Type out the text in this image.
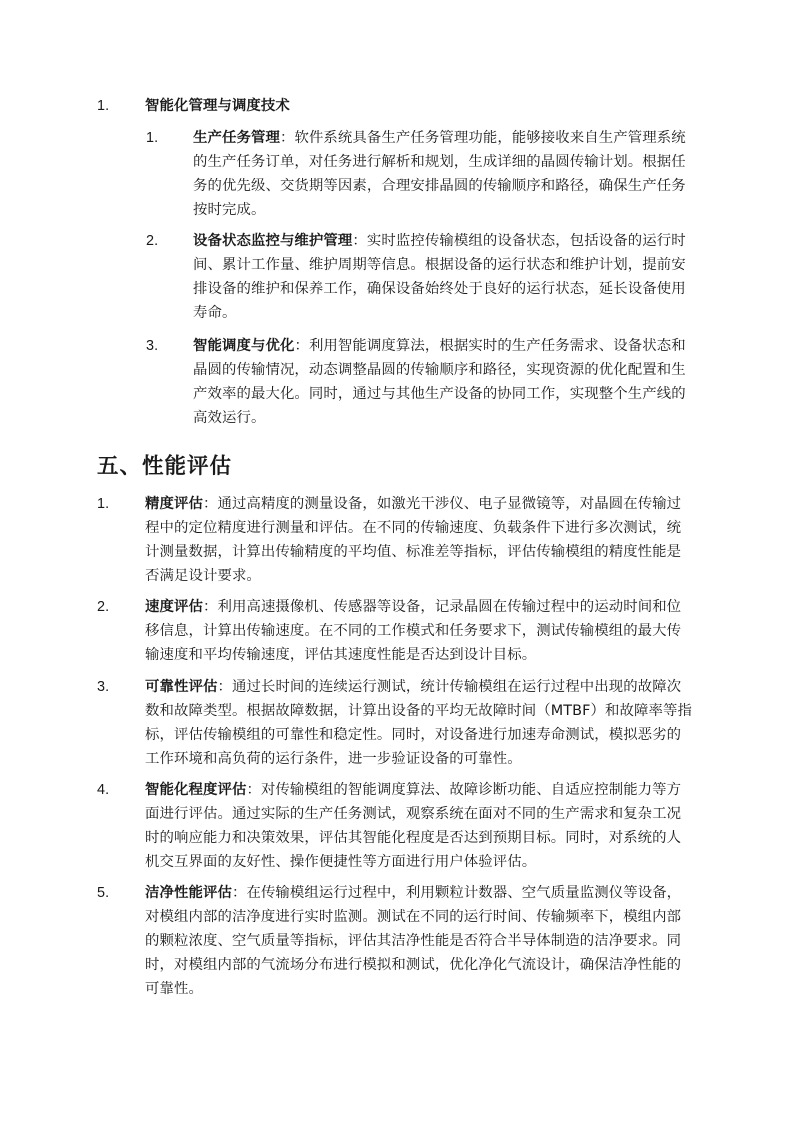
1. 智能化管理与调度技术
1. 生产任务管理：软件系统具备生产任务管理功能，能够接收来自生产管理系统
的生产任务订单，对任务进行解析和规划，生成详细的晶圆传输计划。根据任
务的优先级、交货期等因素，合理安排晶圆的传输顺序和路径，确保生产任务
按时完成。
2. 设备状态监控与维护管理：实时监控传输模组的设备状态，包括设备的运行时
间、累计工作量、维护周期等信息。根据设备的运行状态和维护计划，提前安
排设备的维护和保养工作，确保设备始终处于良好的运行状态，延长设备使用
寿命。
3. 智能调度与优化：利用智能调度算法，根据实时的生产任务需求、设备状态和
晶圆的传输情况，动态调整晶圆的传输顺序和路径，实现资源的优化配置和生
产效率的最大化。同时，通过与其他生产设备的协同工作，实现整个生产线的
高效运行。
五、性能评估
1. 精度评估：通过高精度的测量设备，如激光干涉仪、电子显微镜等，对晶圆在传输过
程中的定位精度进行测量和评估。在不同的传输速度、负载条件下进行多次测试，统
计测量数据，计算出传输精度的平均值、标准差等指标，评估传输模组的精度性能是
否满足设计要求。
2. 速度评估：利用高速摄像机、传感器等设备，记录晶圆在传输过程中的运动时间和位
移信息，计算出传输速度。在不同的工作模式和任务要求下，测试传输模组的最大传
输速度和平均传输速度，评估其速度性能是否达到设计目标。
3. 可靠性评估：通过长时间的连续运行测试，统计传输模组在运行过程中出现的故障次
数和故障类型。根据故障数据，计算出设备的平均无故障时间（MTBF）和故障率等指
标，评估传输模组的可靠性和稳定性。同时，对设备进行加速寿命测试，模拟恶劣的
工作环境和高负荷的运行条件，进一步验证设备的可靠性。
4. 智能化程度评估：对传输模组的智能调度算法、故障诊断功能、自适应控制能力等方
面进行评估。通过实际的生产任务测试，观察系统在面对不同的生产需求和复杂工况
时的响应能力和决策效果，评估其智能化程度是否达到预期目标。同时，对系统的人
机交互界面的友好性、操作便捷性等方面进行用户体验评估。
5. 洁净性能评估：在传输模组运行过程中，利用颗粒计数器、空气质量监测仪等设备，
对模组内部的洁净度进行实时监测。测试在不同的运行时间、传输频率下，模组内部
的颗粒浓度、空气质量等指标，评估其洁净性能是否符合半导体制造的洁净要求。同
时，对模组内部的气流场分布进行模拟和测试，优化净化气流设计，确保洁净性能的
可靠性。
